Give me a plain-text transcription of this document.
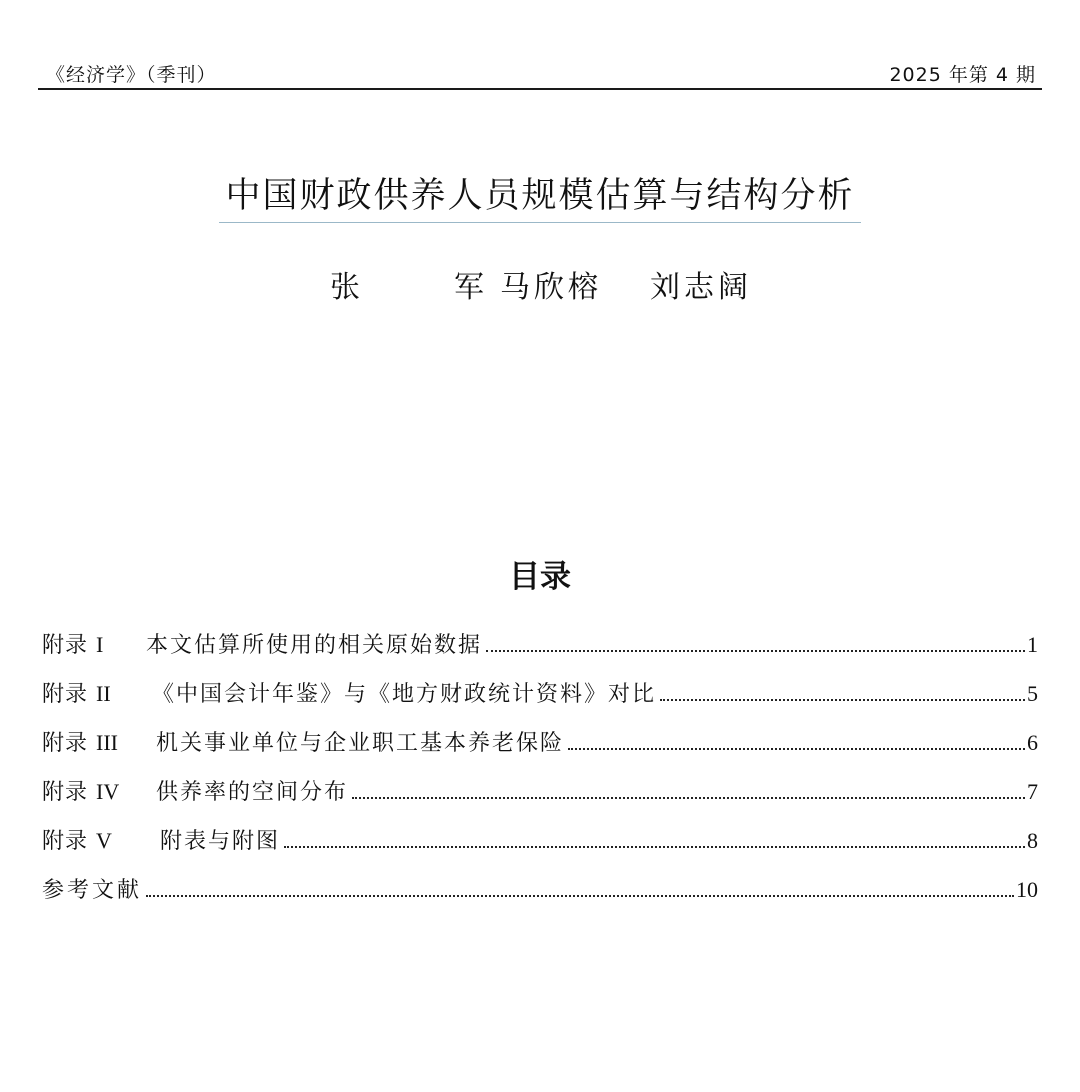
《经济学》（季刊）	2025 年第 4 期
中国财政供养人员规模估算与结构分析
张　军
马欣榕 刘志阔
目录
附录 I	本文估算所使用的相关原始数据	1
附录 II	《中国会计年鉴》与《地方财政统计资料》对比	5
附录 III	机关事业单位与企业职工基本养老保险	6
附录 IV	供养率的空间分布	7
附录 V	附表与附图	8
参考文献	10
